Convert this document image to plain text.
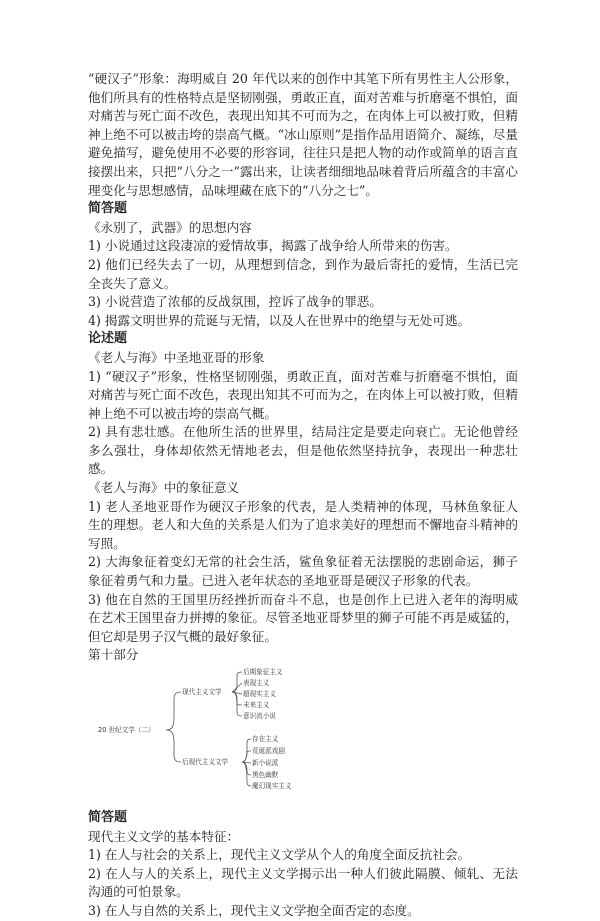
“硬汉子”形象：海明威自 20 年代以来的创作中其笔下所有男性主人公形象，他们所具有的性格特点是坚韧刚强，勇敢正直，面对苦难与折磨毫不惧怕，面对痛苦与死亡面不改色，表现出知其不可而为之，在肉体上可以被打败，但精神上绝不可以被击垮的崇高气概。“冰山原则”是指作品用语简介、凝练，尽量避免描写，避免使用不必要的形容词，往往只是把人物的动作或简单的语言直接摆出来，只把“八分之一”露出来，让读者细细地品味着背后所蕴含的丰富心理变化与思想感情，品味埋藏在底下的“八分之七”。

简答题

《永别了，武器》的思想内容

1) 小说通过这段凄凉的爱情故事，揭露了战争给人所带来的伤害。

2) 他们已经失去了一切，从理想到信念，到作为最后寄托的爱情，生活已完全丧失了意义。

3) 小说营造了浓郁的反战氛围，控诉了战争的罪恶。

4) 揭露文明世界的荒诞与无情，以及人在世界中的绝望与无处可逃。

论述题

《老人与海》中圣地亚哥的形象

1) “硬汉子”形象，性格坚韧刚强，勇敢正直，面对苦难与折磨毫不惧怕，面对痛苦与死亡面不改色，表现出知其不可而为之，在肉体上可以被打败，但精神上绝不可以被击垮的崇高气概。

2) 具有悲壮感。在他所生活的世界里，结局注定是要走向衰亡。无论他曾经多么强壮，身体却依然无情地老去，但是他依然坚持抗争，表现出一种悲壮感。

《老人与海》中的象征意义

1) 老人圣地亚哥作为硬汉子形象的代表，是人类精神的体现，马林鱼象征人生的理想。老人和大鱼的关系是人们为了追求美好的理想而不懈地奋斗精神的写照。

2) 大海象征着变幻无常的社会生活，鲨鱼象征着无法摆脱的悲剧命运，狮子象征着勇气和力量。已进入老年状态的圣地亚哥是硬汉子形象的代表。

3) 他在自然的王国里历经挫折而奋斗不息，也是创作上已进入老年的海明威在艺术王国里奋力拼搏的象征。尽管圣地亚哥梦里的狮子可能不再是威猛的，但它却是男子汉气概的最好象征。

第十部分

20 世纪文学（二）
现代主义文学
后期象征主义
表现主义
超现实主义
未来主义
意识流小说
后现代主义文学
存在主义
荒诞派戏剧
新小说派
黑色幽默
魔幻现实主义
简答题

现代主义文学的基本特征：

1) 在人与社会的关系上，现代主义文学从个人的角度全面反抗社会。

2) 在人与人的关系上，现代主义文学揭示出一种人们彼此隔膜、倾轧、无法沟通的可怕景象。

3) 在人与自然的关系上，现代主义文学抱全面否定的态度。
